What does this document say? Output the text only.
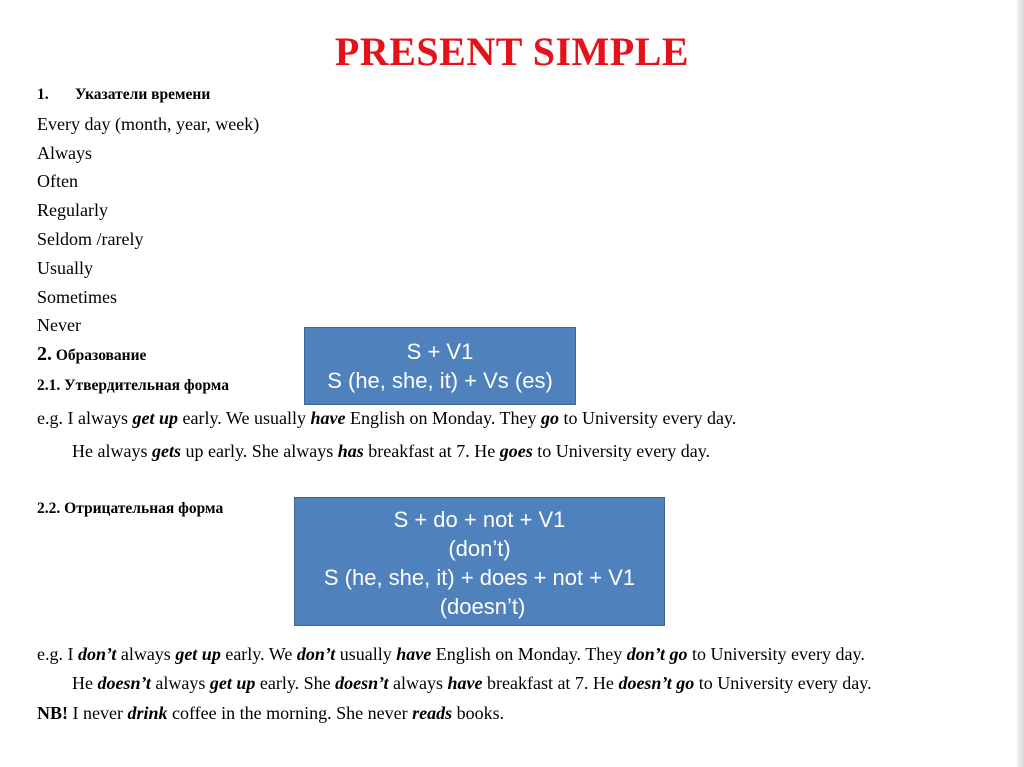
PRESENT SIMPLE
1. Указатели времени
Every day (month, year, week)
Always
Often
Regularly
Seldom /rarely
Usually
Sometimes
Never
2. Образование
2.1. Утвердительная форма
S + V1
S (he, she, it) + Vs (es)
e.g. I always get up early. We usually have English on Monday. They go to University every day.
He always gets up early. She always has breakfast at 7. He goes to University every day.
2.2. Отрицательная форма	S + do + not + V1
(don’t)
S (he, she, it) + does + not + V1
(doesn’t)
e.g. I don’t always get up early. We don’t usually have English on Monday. They don’t go to University every day.
He doesn’t always get up early. She doesn’t always have breakfast at 7. He doesn’t go to University every day.
NB! I never drink coffee in the morning. She never reads books.
